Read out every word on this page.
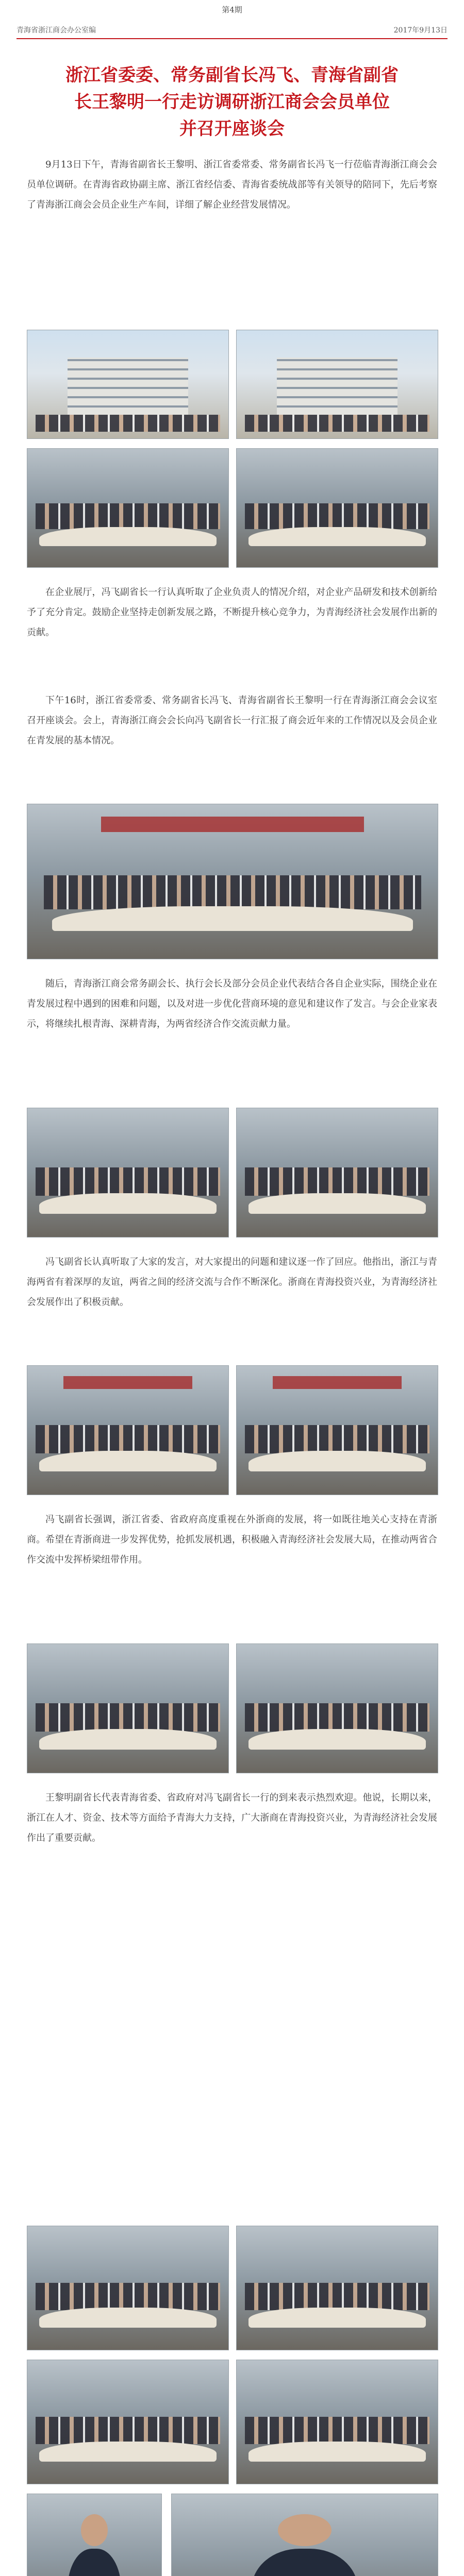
第4期
青海省浙江商会办公室编	2017年9月13日
浙江省委委、常务副省长冯飞、青海省副省
长王黎明一行走访调研浙江商会会员单位
并召开座谈会

9月13日下午，青海省副省长王黎明、浙江省委常委、常务副省长冯飞一行莅临青海浙江商会会员单位调研。在青海省政协副主席、浙江省经信委、青海省委统战部等有关领导的陪同下，先后考察了青海浙江商会会员企业生产车间，详细了解企业经营发展情况。

在企业展厅，冯飞副省长一行认真听取了企业负责人的情况介绍，对企业产品研发和技术创新给予了充分肯定。鼓励企业坚持走创新发展之路，不断提升核心竞争力，为青海经济社会发展作出新的贡献。

下午16时，浙江省委常委、常务副省长冯飞、青海省副省长王黎明一行在青海浙江商会会议室召开座谈会。会上，青海浙江商会会长向冯飞副省长一行汇报了商会近年来的工作情况以及会员企业在青发展的基本情况。

随后，青海浙江商会常务副会长、执行会长及部分会员企业代表结合各自企业实际，围绕企业在青发展过程中遇到的困难和问题，以及对进一步优化营商环境的意见和建议作了发言。与会企业家表示，将继续扎根青海、深耕青海，为两省经济合作交流贡献力量。

冯飞副省长认真听取了大家的发言，对大家提出的问题和建议逐一作了回应。他指出，浙江与青海两省有着深厚的友谊，两省之间的经济交流与合作不断深化。浙商在青海投资兴业，为青海经济社会发展作出了积极贡献。

冯飞副省长强调，浙江省委、省政府高度重视在外浙商的发展，将一如既往地关心支持在青浙商。希望在青浙商进一步发挥优势，抢抓发展机遇，积极融入青海经济社会发展大局，在推动两省合作交流中发挥桥梁纽带作用。

王黎明副省长代表青海省委、省政府对冯飞副省长一行的到来表示热烈欢迎。他说，长期以来，浙江在人才、资金、技术等方面给予青海大力支持，广大浙商在青海投资兴业，为青海经济社会发展作出了重要贡献。
